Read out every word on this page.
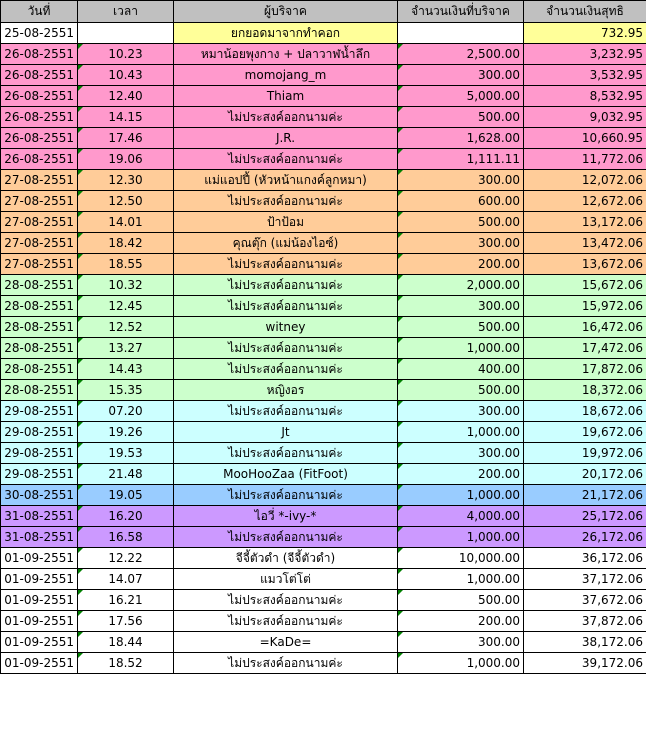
วันที่	เวลา	ผู้บริจาค	จำนวนเงินที่บริจาค	จำนวนเงินสุทธิ
25-08-2551		ยกยอดมาจากทำคอก		732.95
26-08-2551	10.23	หมาน้อยพุงกาง + ปลาวาฬน้ำลึก	2,500.00	3,232.95
26-08-2551	10.43	momojang_m	300.00	3,532.95
26-08-2551	12.40	Thiam	5,000.00	8,532.95
26-08-2551	14.15	ไม่ประสงค์ออกนามค่ะ	500.00	9,032.95
26-08-2551	17.46	J.R.	1,628.00	10,660.95
26-08-2551	19.06	ไม่ประสงค์ออกนามค่ะ	1,111.11	11,772.06
27-08-2551	12.30	แม่แอปปี้ (หัวหน้าแกงค์ลูกหมา)	300.00	12,072.06
27-08-2551	12.50	ไม่ประสงค์ออกนามค่ะ	600.00	12,672.06
27-08-2551	14.01	ป้าป้อม	500.00	13,172.06
27-08-2551	18.42	คุณตุ๊ก (แม่น้องไอซ์)	300.00	13,472.06
27-08-2551	18.55	ไม่ประสงค์ออกนามค่ะ	200.00	13,672.06
28-08-2551	10.32	ไม่ประสงค์ออกนามค่ะ	2,000.00	15,672.06
28-08-2551	12.45	ไม่ประสงค์ออกนามค่ะ	300.00	15,972.06
28-08-2551	12.52	witney	500.00	16,472.06
28-08-2551	13.27	ไม่ประสงค์ออกนามค่ะ	1,000.00	17,472.06
28-08-2551	14.43	ไม่ประสงค์ออกนามค่ะ	400.00	17,872.06
28-08-2551	15.35	หญิงอร	500.00	18,372.06
29-08-2551	07.20	ไม่ประสงค์ออกนามค่ะ	300.00	18,672.06
29-08-2551	19.26	Jt	1,000.00	19,672.06
29-08-2551	19.53	ไม่ประสงค์ออกนามค่ะ	300.00	19,972.06
29-08-2551	21.48	MooHooZaa (FitFoot)	200.00	20,172.06
30-08-2551	19.05	ไม่ประสงค์ออกนามค่ะ	1,000.00	21,172.06
31-08-2551	16.20	ไอวี่ *-ivy-*	4,000.00	25,172.06
31-08-2551	16.58	ไม่ประสงค์ออกนามค่ะ	1,000.00	26,172.06
01-09-2551	12.22	จีจี้ตัวดำ (จีจี้ตัวดำ)	10,000.00	36,172.06
01-09-2551	14.07	แมวโต่โต่	1,000.00	37,172.06
01-09-2551	16.21	ไม่ประสงค์ออกนามค่ะ	500.00	37,672.06
01-09-2551	17.56	ไม่ประสงค์ออกนามค่ะ	200.00	37,872.06
01-09-2551	18.44	=KaDe=	300.00	38,172.06
01-09-2551	18.52	ไม่ประสงค์ออกนามค่ะ	1,000.00	39,172.06
